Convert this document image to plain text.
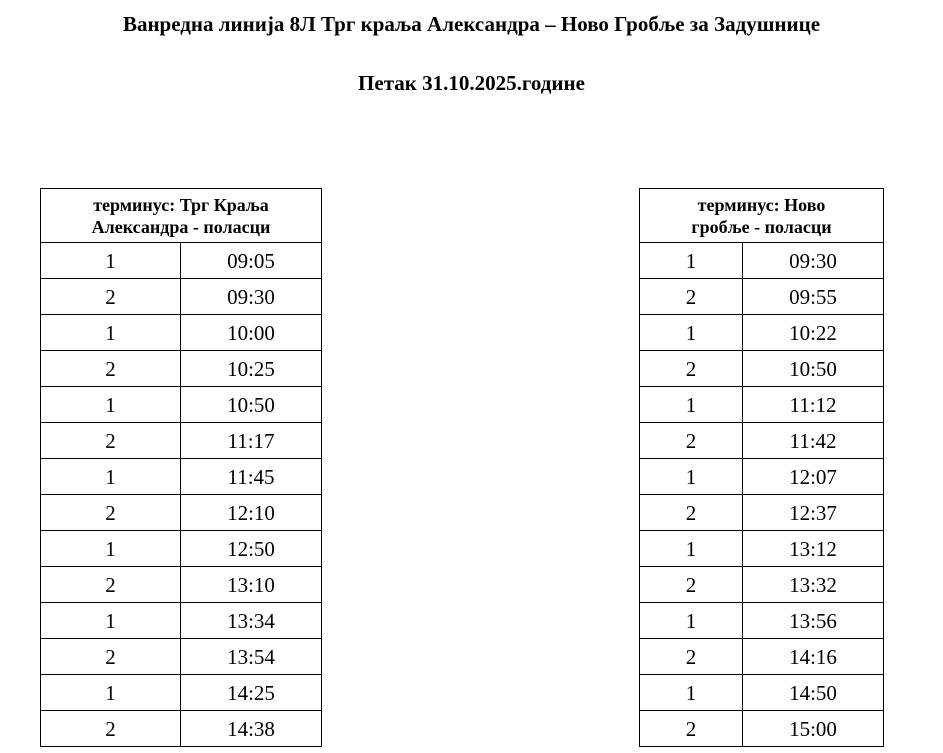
Ванредна линија 8Л Трг краља Александра – Ново Гробље за Задушнице
Петак 31.10.2025.године
терминус: Трг Краља
Александра - поласци	
1	09:05
2	09:30
1	10:00
2	10:25
1	10:50
2	11:17
1	11:45
2	12:10
1	12:50
2	13:10
1	13:34
2	13:54
1	14:25
2	14:38
терминус: Ново
гробље - поласци	
1	09:30
2	09:55
1	10:22
2	10:50
1	11:12
2	11:42
1	12:07
2	12:37
1	13:12
2	13:32
1	13:56
2	14:16
1	14:50
2	15:00
